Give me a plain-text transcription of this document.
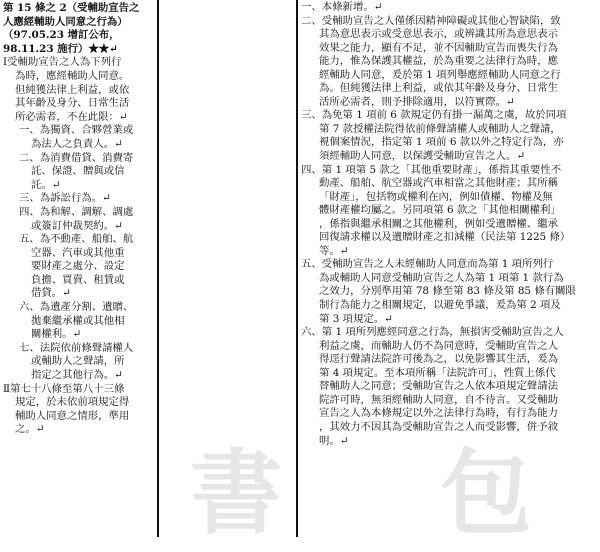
書 包
第 15 條之 2（受輔助宣告之
人應經輔助人同意之行為）
（97.05.23 增訂公布，
98.11.23 施行）★★↵
Ⅰ受輔助宣告之人為下列行
為時，應經輔助人同意。
但純獲法律上利益，或依
其年齡及身分、日常生活
所必需者，不在此限：↵
一、為獨資、合夥營業或
為法人之負責人。↵
二、為消費借貸、消費寄
託、保證、贈與或信
託。↵
三、為訴訟行為。↵
四、為和解、調解、調處
或簽訂仲裁契約。↵
五、為不動產、船舶、航
空器、汽車或其他重
要財產之處分、設定
負擔、買賣、租賃或
借貸。↵
六、為遺產分割、遺贈、
拋棄繼承權或其他相
關權利。↵
七、法院依前條聲請權人
或輔助人之聲請，所
指定之其他行為。↵
Ⅱ第七十八條至第八十三條
規定，於未依前項規定得
輔助人同意之情形，準用
之。↵
一、本條新增。↵
二、受輔助宣告之人僅係因精神障礙或其他心智缺陷，致
其為意思表示或受意思表示，或辨識其所為意思表示
效果之能力，顯有不足，並不因輔助宣告而喪失行為
能力，惟為保護其權益，於為重要之法律行為時，應
經輔助人同意，爰於第 1 項列舉應經輔助人同意之行
為。但純獲法律上利益，或依其年齡及身分、日常生
活所必需者，則予排除適用，以符實際。↵
三、為免第 1 項前 6 款規定仍有掛一漏萬之虞，故於同項
第 7 款授權法院得依前條聲請權人或輔助人之聲請，
視個案情況，指定第 1 項前 6 款以外之特定行為，亦
須經輔助人同意，以保護受輔助宣告之人。↵
四、第 1 項第 5 款之「其他重要財產」，係指其重要性不
動產、船舶、航空器或汽車相當之其他財產；其所稱
「財產」，包括物或權利在內，例如債權、物權及無
體財產權均屬之。另同項第 6 款之「其他相關權利」
，係指與繼承相關之其他權利，例如受遺贈權、繼承
回復請求權以及遺贈財產之扣減權（民法第 1225 條）
等。↵
五、受輔助宣告之人未經輔助人同意而為第 1 項所列行
為或輔助人同意受輔助宣告之人為第 1 項第 1 款行為
之效力，分別準用第 78 條至第 83 條及第 85 條有關限
制行為能力之相關規定，以避免爭議，爰為第 2 項及
第 3 項規定。↵
六、第 1 項所列應經同意之行為，無損害受輔助宣告之人
利益之虞，而輔助人仍不為同意時，受輔助宣告之人
得逕行聲請法院許可後為之，以免影響其生活，爰為
第 4 項規定。至本項所稱「法院許可」，性質上係代
替輔助人之同意；受輔助宣告之人依本項規定聲請法
院許可時，無須經輔助人同意，自不待言。又受輔助
宣告之人為本條規定以外之法律行為時，有行為能力
，其效力不因其為受輔助宣告之人而受影響，併予敘
明。↵
